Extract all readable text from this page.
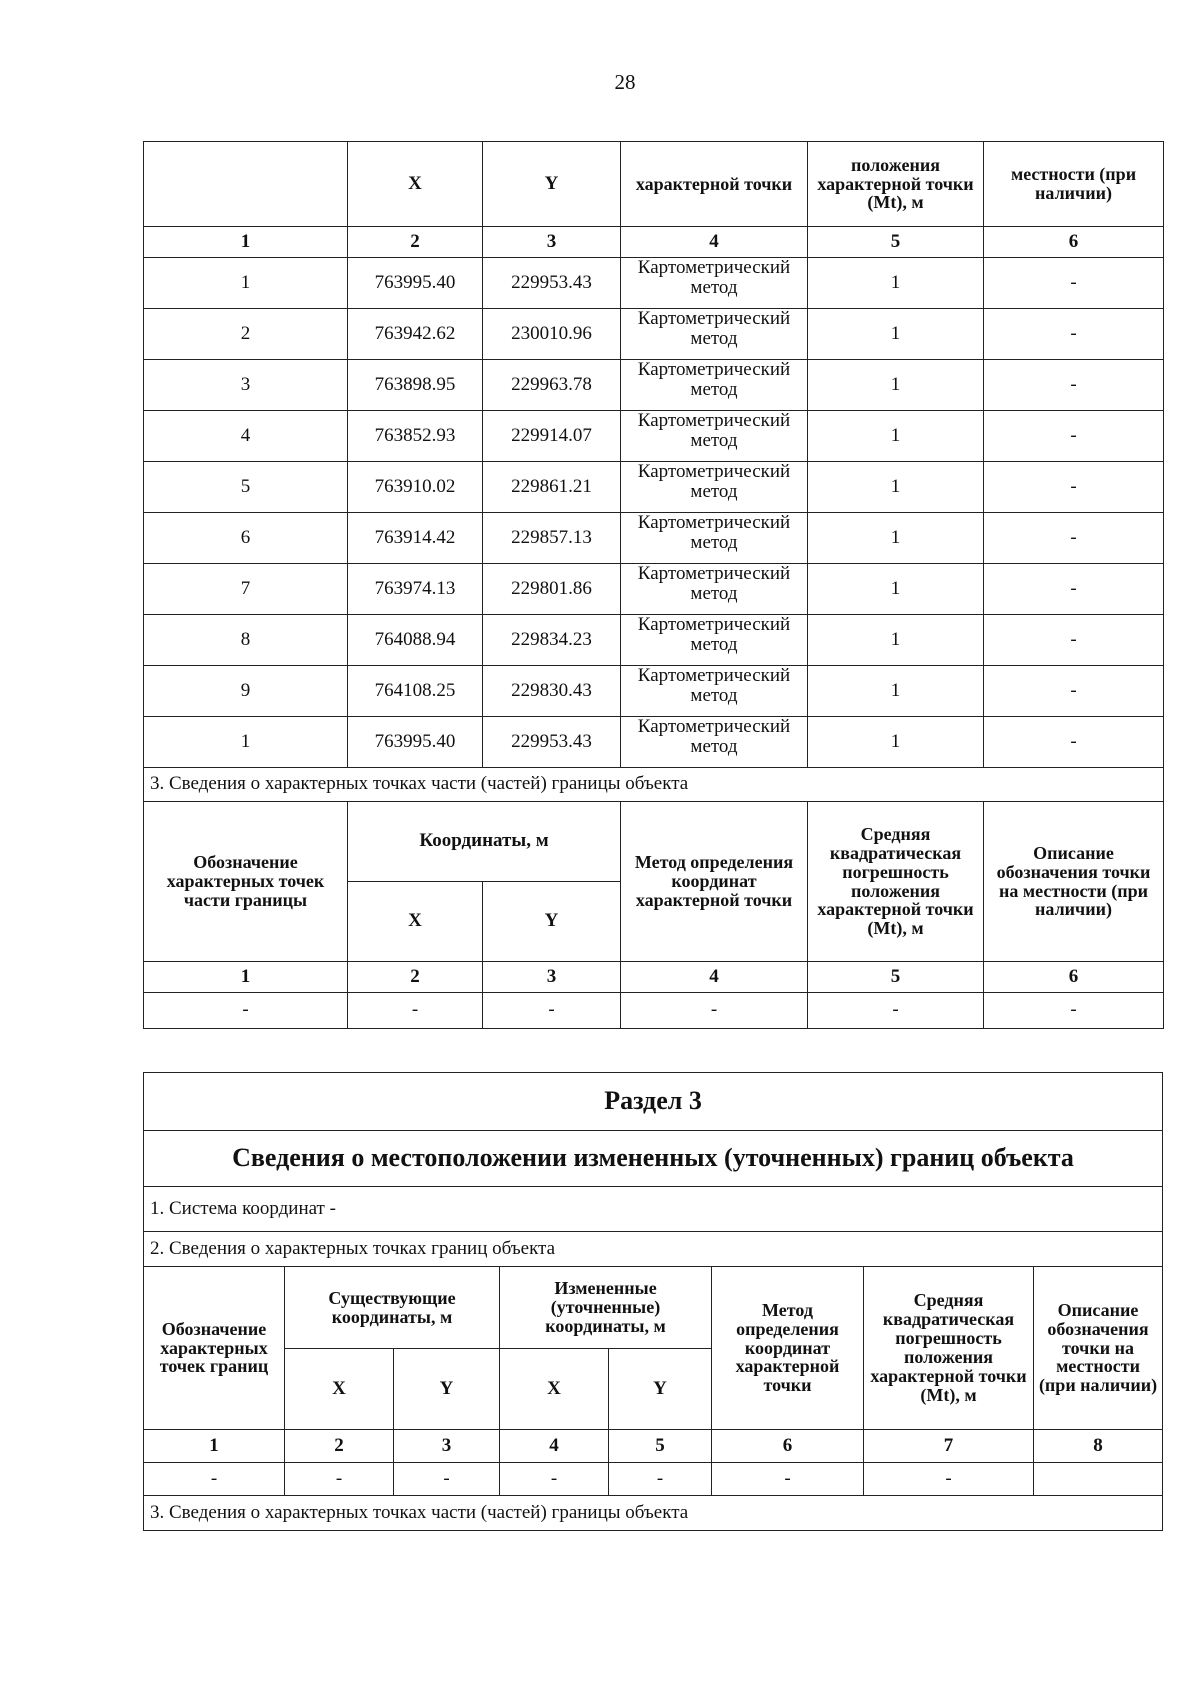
28
	X	Y	характерной точки	положения характерной точки (Mt), м	местности (при наличии)
1	2	3	4	5	6
1	763995.40	229953.43	Картометрический метод	1	-
2	763942.62	230010.96	Картометрический метод	1	-
3	763898.95	229963.78	Картометрический метод	1	-
4	763852.93	229914.07	Картометрический метод	1	-
5	763910.02	229861.21	Картометрический метод	1	-
6	763914.42	229857.13	Картометрический метод	1	-
7	763974.13	229801.86	Картометрический метод	1	-
8	764088.94	229834.23	Картометрический метод	1	-
9	764108.25	229830.43	Картометрический метод	1	-
1	763995.40	229953.43	Картометрический метод	1	-
3. Сведения о характерных точках части (частей) границы объекта					
Обозначение характерных точек части границы	Координаты, м		Метод определения координат характерной точки	Средняя квадратическая погрешность положения характерной точки (Mt), м	Описание обозначения точки на местности (при наличии)
	X	Y			
1	2	3	4	5	6
-	-	-	-	-	-
Раздел 3							
Сведения о местоположении измененных (уточненных) границ объекта							
1. Система координат -							
2. Сведения о характерных точках границ объекта							
Обозначение характерных точек границ	Существующие координаты, м		Измененные (уточненные) координаты, м		Метод определения координат характерной точки	Средняя квадратическая погрешность положения характерной точки (Mt), м	Описание обозначения точки на местности (при наличии)
	X	Y	X	Y			
1	2	3	4	5	6	7	8
-	-	-	-	-	-	-	
3. Сведения о характерных точках части (частей) границы объекта							
